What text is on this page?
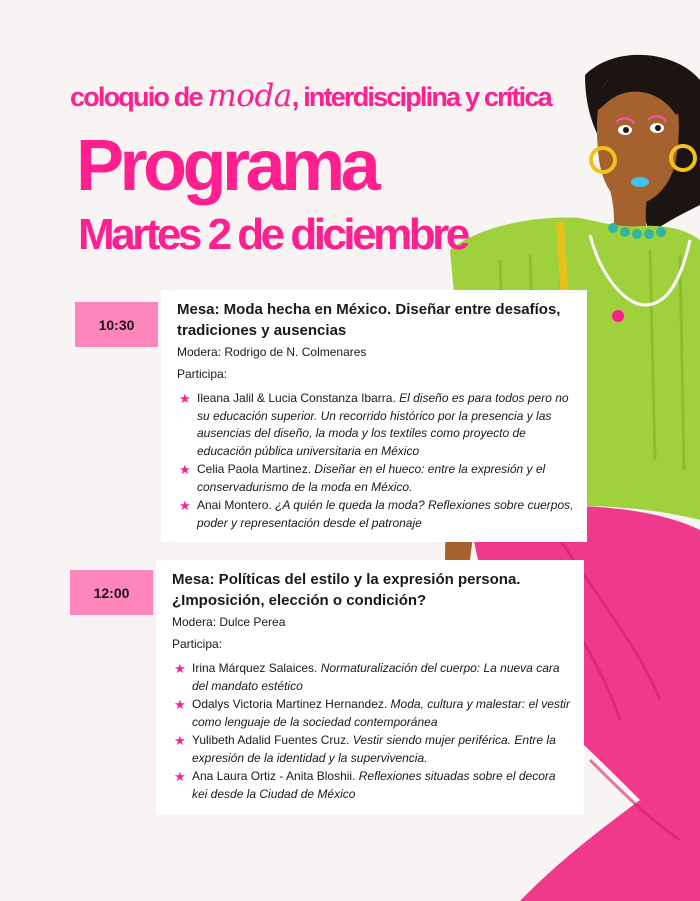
coloquio de moda, interdisciplina y crítica
Programa
Martes 2 de diciembre
10:30
Mesa: Moda hecha en México. Diseñar entre desafíos, tradiciones y ausencias
Modera: Rodrigo de N. Colmenares
Participa:
★ Ileana Jalil & Lucia Constanza Ibarra. El diseño es para todos pero no su educación superior. Un recorrido histórico por la presencia y las ausencias del diseño, la moda y los textiles como proyecto de educación pública universitaria en México
★ Celia Paola Martinez. Diseñar en el hueco: entre la expresión y el conservadurismo de la moda en México.
★ Anai Montero. ¿A quién le queda la moda? Reflexiones sobre cuerpos, poder y representación desde el patronaje
12:00
Mesa: Políticas del estilo y la expresión persona. ¿Imposición, elección o condición?
Modera: Dulce Perea
Participa:
★ Irina Márquez Salaices. Normaturalización del cuerpo: La nueva cara del mandato estético
★ Odalys Victoria Martinez Hernandez. Moda, cultura y malestar: el vestir como lenguaje de la sociedad contemporánea
★ Yulibeth Adalid Fuentes Cruz. Vestir siendo mujer periférica. Entre la expresión de la identidad y la supervivencia.
★ Ana Laura Ortiz - Anita Bloshii. Reflexiones situadas sobre el decora kei desde la Ciudad de México
